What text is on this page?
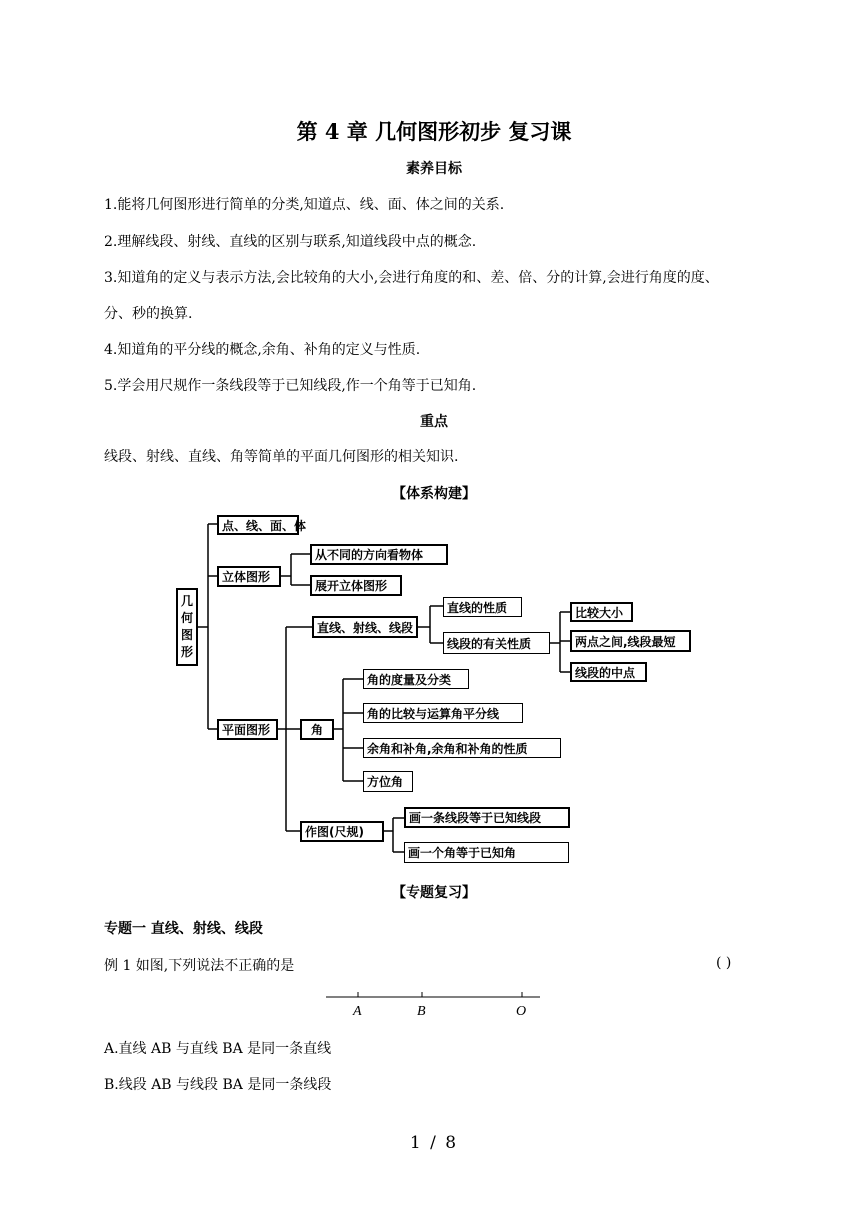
第 4 章 几何图形初步 复习课
素养目标
1.能将几何图形进行简单的分类,知道点、线、面、体之间的关系.
2.理解线段、射线、直线的区别与联系,知道线段中点的概念.
3.知道角的定义与表示方法,会比较角的大小,会进行角度的和、差、倍、分的计算,会进行角度的度、
分、秒的换算.
4.知道角的平分线的概念,余角、补角的定义与性质.
5.学会用尺规作一条线段等于已知线段,作一个角等于已知角.
重点
线段、射线、直线、角等简单的平面几何图形的相关知识.
【体系构建】
几
何
图
形
点、线、面、体
立体图形
从不同的方向看物体
展开立体图形
平面图形
直线、射线、线段
直线的性质
线段的有关性质
比较大小
两点之间,线段最短
线段的中点
角
角的度量及分类
角的比较与运算角平分线
余角和补角,余角和补角的性质
方位角
作图(尺规)
画一条线段等于已知线段
画一个角等于已知角
【专题复习】
专题一 直线、射线、线段
例 1 如图,下列说法不正确的是	( )
A	B	O
A.直线 AB 与直线 BA 是同一条直线
B.线段 AB 与线段 BA 是同一条线段
1 / 8
